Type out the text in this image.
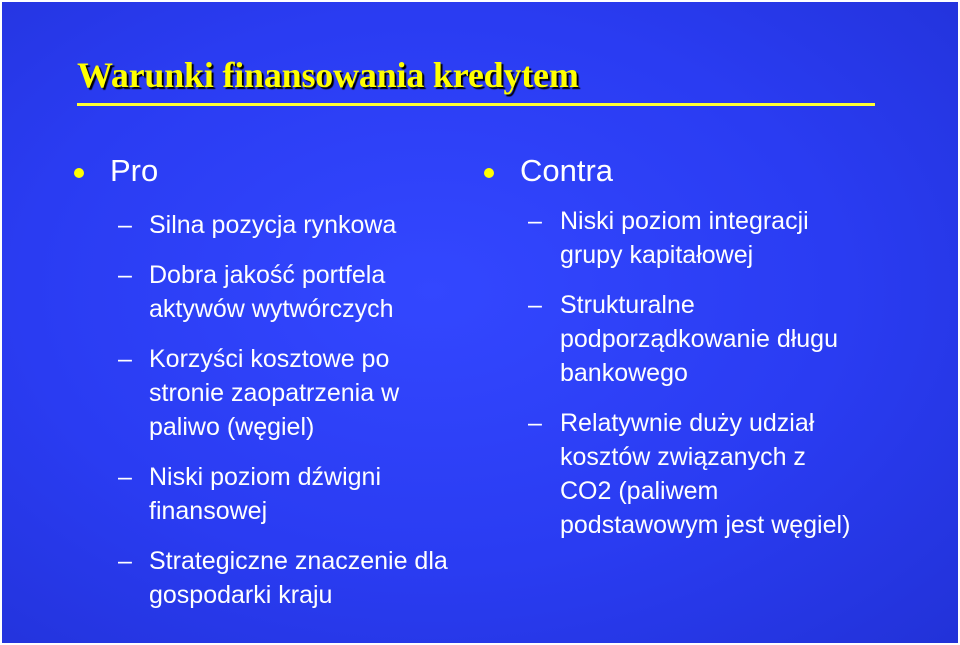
Warunki finansowania kredytem
Pro
– Silna pozycja rynkowa
– Dobra jakość portfela aktywów wytwórczych
– Korzyści kosztowe po stronie zaopatrzenia w paliwo (węgiel)
– Niski poziom dźwigni finansowej
– Strategiczne znaczenie dla gospodarki kraju
Contra
– Niski poziom integracji grupy kapitałowej
– Strukturalne podporządkowanie długu bankowego
– Relatywnie duży udział kosztów związanych z CO2 (paliwem podstawowym jest węgiel)
